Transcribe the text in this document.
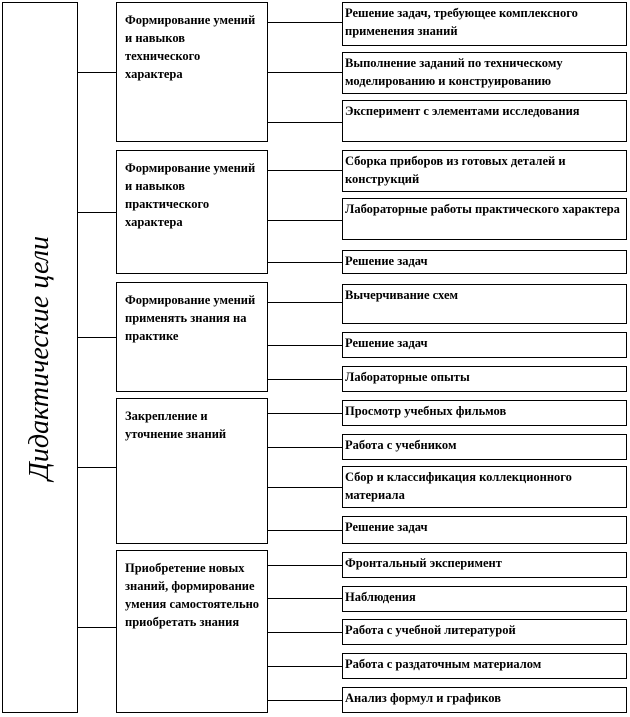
Дидактические цели
Формирование умений и навыков технического характера
Решение задач, требующее комплексного применения знаний
Выполнение заданий по техническому моделированию и конструированию
Эксперимент с элементами исследования
Формирование умений и навыков практического характера
Сборка приборов из готовых деталей и конструкций
Лабораторные работы практического характера
Решение задач
Формирование умений применять знания на практике
Вычерчивание схем
Решение задач
Лабораторные опыты
Закрепление и уточнение знаний
Просмотр учебных фильмов
Работа с учебником
Сбор и классификация коллекционного материала
Решение задач
Приобретение новых знаний, формирование умения самостоятельно приобретать знания
Фронтальный эксперимент
Наблюдения
Работа с учебной литературой
Работа с раздаточным материалом
Анализ формул и графиков
